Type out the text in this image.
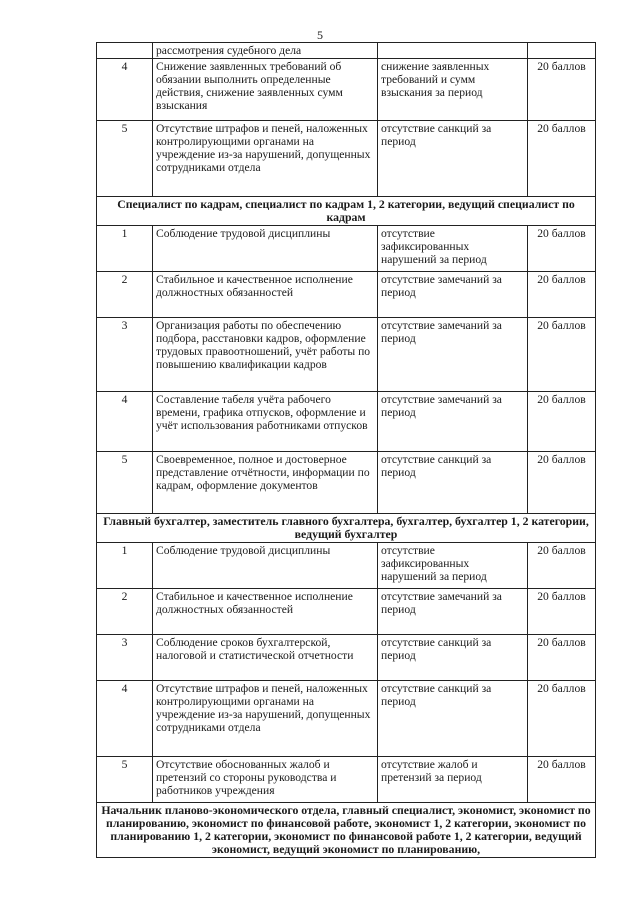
5
	рассмотрения судебного дела		
4	Снижение заявленных требований об обязании выполнить определенные действия, снижение заявленных сумм взыскания	снижение заявленных требований и сумм взыскания за период	20 баллов
5	Отсутствие штрафов и пеней, наложенных контролирующими органами на учреждение из-за нарушений, допущенных сотрудниками отдела	отсутствие санкций за период	20 баллов
Специалист по кадрам, специалист по кадрам 1, 2 категории, ведущий специалист по кадрам			
1	Соблюдение трудовой дисциплины	отсутствие зафиксированных нарушений за период	20 баллов
2	Стабильное и качественное исполнение должностных обязанностей	отсутствие замечаний за период	20 баллов
3	Организация работы по обеспечению подбора, расстановки кадров, оформление трудовых правоотношений, учёт работы по повышению квалификации кадров	отсутствие замечаний за период	20 баллов
4	Составление табеля учёта рабочего времени, графика отпусков, оформление и учёт использования работниками отпусков	отсутствие замечаний за период	20 баллов
5	Своевременное, полное и достоверное представление отчётности, информации по кадрам, оформление документов	отсутствие санкций за период	20 баллов
Главный бухгалтер, заместитель главного бухгалтера, бухгалтер, бухгалтер 1, 2 категории, ведущий бухгалтер			
1	Соблюдение трудовой дисциплины	отсутствие зафиксированных нарушений за период	20 баллов
2	Стабильное и качественное исполнение должностных обязанностей	отсутствие замечаний за период	20 баллов
3	Соблюдение сроков бухгалтерской, налоговой и статистической отчетности	отсутствие санкций за период	20 баллов
4	Отсутствие штрафов и пеней, наложенных контролирующими органами на учреждение из-за нарушений, допущенных сотрудниками отдела	отсутствие санкций за период	20 баллов
5	Отсутствие обоснованных жалоб и претензий со стороны руководства и работников учреждения	отсутствие жалоб и претензий за период	20 баллов
Начальник планово-экономического отдела, главный специалист, экономист, экономист по планированию, экономист по финансовой работе, экономист 1, 2 категории, экономист по планированию 1, 2 категории, экономист по финансовой работе 1, 2 категории, ведущий экономист, ведущий экономист по планированию,			
